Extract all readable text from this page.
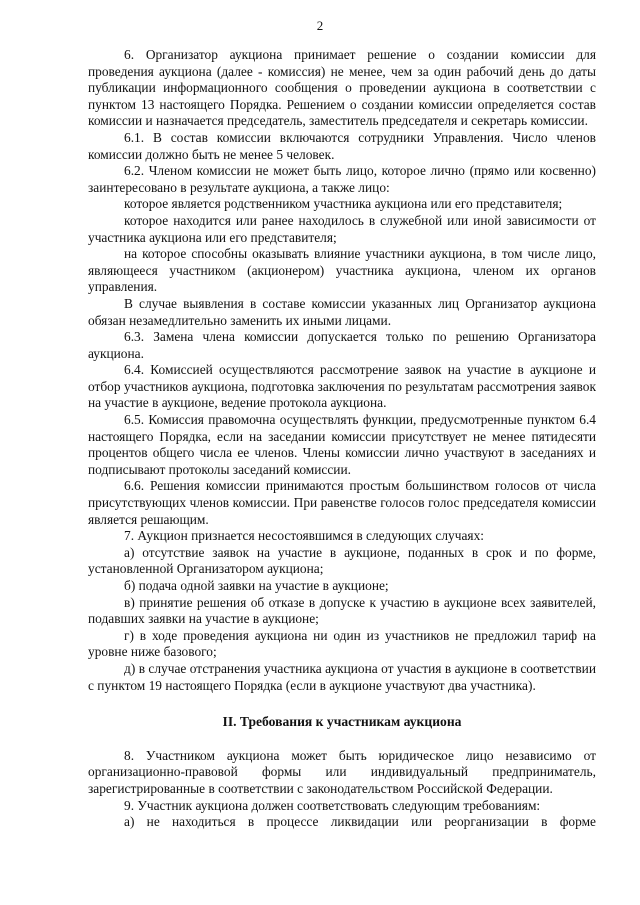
2

6. Организатор аукциона принимает решение о создании комиссии для проведения аукциона (далее - комиссия) не менее, чем за один рабочий день до даты публикации информационного сообщения о проведении аукциона в соответствии с пунктом 13 настоящего Порядка. Решением о создании комиссии определяется состав комиссии и назначается председатель, заместитель председателя и секретарь комиссии.

6.1. В состав комиссии включаются сотрудники Управления. Число членов комиссии должно быть не менее 5 человек.

6.2. Членом комиссии не может быть лицо, которое лично (прямо или косвенно) заинтересовано в результате аукциона, а также лицо:

которое является родственником участника аукциона или его представителя;

которое находится или ранее находилось в служебной или иной зависимости от участника аукциона или его представителя;

на которое способны оказывать влияние участники аукциона, в том числе лицо, являющееся участником (акционером) участника аукциона, членом их органов управления.

В случае выявления в составе комиссии указанных лиц Организатор аукциона обязан незамедлительно заменить их иными лицами.

6.3. Замена члена комиссии допускается только по решению Организатора аукциона.

6.4. Комиссией осуществляются рассмотрение заявок на участие в аукционе и отбор участников аукциона, подготовка заключения по результатам рассмотрения заявок на участие в аукционе, ведение протокола аукциона.

6.5. Комиссия правомочна осуществлять функции, предусмотренные пунктом 6.4 настоящего Порядка, если на заседании комиссии присутствует не менее пятидесяти процентов общего числа ее членов. Члены комиссии лично участвуют в заседаниях и подписывают протоколы заседаний комиссии.

6.6. Решения комиссии принимаются простым большинством голосов от числа присутствующих членов комиссии. При равенстве голосов голос председателя комиссии является решающим.

7. Аукцион признается несостоявшимся в следующих случаях:

а) отсутствие заявок на участие в аукционе, поданных в срок и по форме, установленной Организатором аукциона;

б) подача одной заявки на участие в аукционе;

в) принятие решения об отказе в допуске к участию в аукционе всех заявителей, подавших заявки на участие в аукционе;

г) в ходе проведения аукциона ни один из участников не предложил тариф на уровне ниже базового;

д) в случае отстранения участника аукциона от участия в аукционе в соответствии с пунктом 19 настоящего Порядка (если в аукционе участвуют два участника).

II. Требования к участникам аукциона

8. Участником аукциона может быть юридическое лицо независимо от организационно-правовой формы или индивидуальный предприниматель, зарегистрированные в соответствии с законодательством Российской Федерации.

9. Участник аукциона должен соответствовать следующим требованиям:

а) не находиться в процессе ликвидации или реорганизации в форме
